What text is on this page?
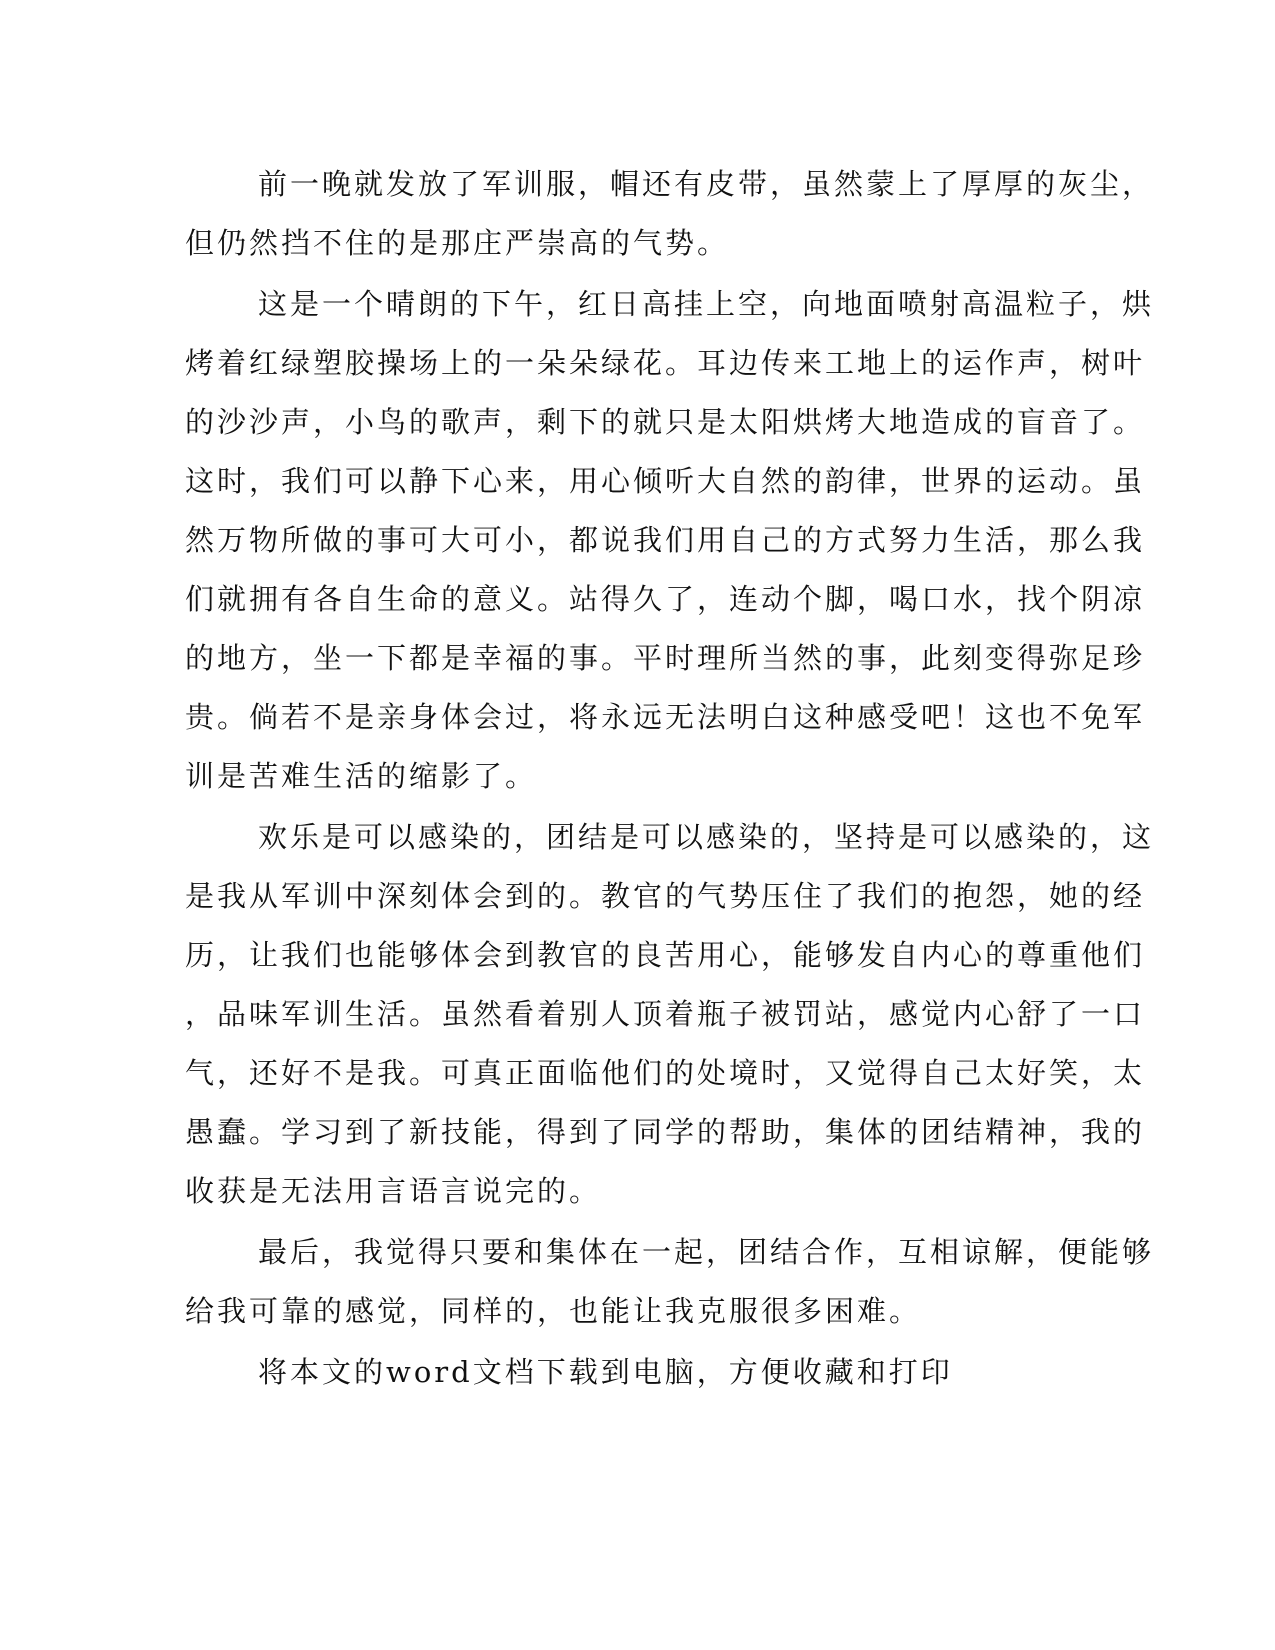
前一晚就发放了军训服，帽还有皮带，虽然蒙上了厚厚的灰尘，
但仍然挡不住的是那庄严崇高的气势。
这是一个晴朗的下午，红日高挂上空，向地面喷射高温粒子，烘
烤着红绿塑胶操场上的一朵朵绿花。耳边传来工地上的运作声，树叶
的沙沙声，小鸟的歌声，剩下的就只是太阳烘烤大地造成的盲音了。
这时，我们可以静下心来，用心倾听大自然的韵律，世界的运动。虽
然万物所做的事可大可小，都说我们用自己的方式努力生活，那么我
们就拥有各自生命的意义。站得久了，连动个脚，喝口水，找个阴凉
的地方，坐一下都是幸福的事。平时理所当然的事，此刻变得弥足珍
贵。倘若不是亲身体会过，将永远无法明白这种感受吧！这也不免军
训是苦难生活的缩影了。
欢乐是可以感染的，团结是可以感染的，坚持是可以感染的，这
是我从军训中深刻体会到的。教官的气势压住了我们的抱怨，她的经
历，让我们也能够体会到教官的良苦用心，能够发自内心的尊重他们
，品味军训生活。虽然看着别人顶着瓶子被罚站，感觉内心舒了一口
气，还好不是我。可真正面临他们的处境时，又觉得自己太好笑，太
愚蠢。学习到了新技能，得到了同学的帮助，集体的团结精神，我的
收获是无法用言语言说完的。
最后，我觉得只要和集体在一起，团结合作，互相谅解，便能够
给我可靠的感觉，同样的，也能让我克服很多困难。
将本文的word文档下载到电脑，方便收藏和打印
